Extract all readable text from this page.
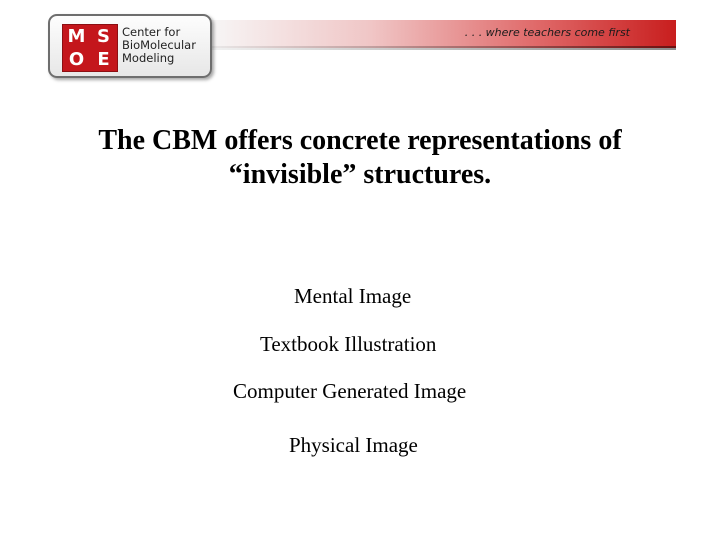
. . . where teachers come first
M S
O E
Center for
BioMolecular
Modeling
The CBM offers concrete representations of
“invisible” structures.
Mental Image
Textbook Illustration
Computer Generated Image
Physical Image
